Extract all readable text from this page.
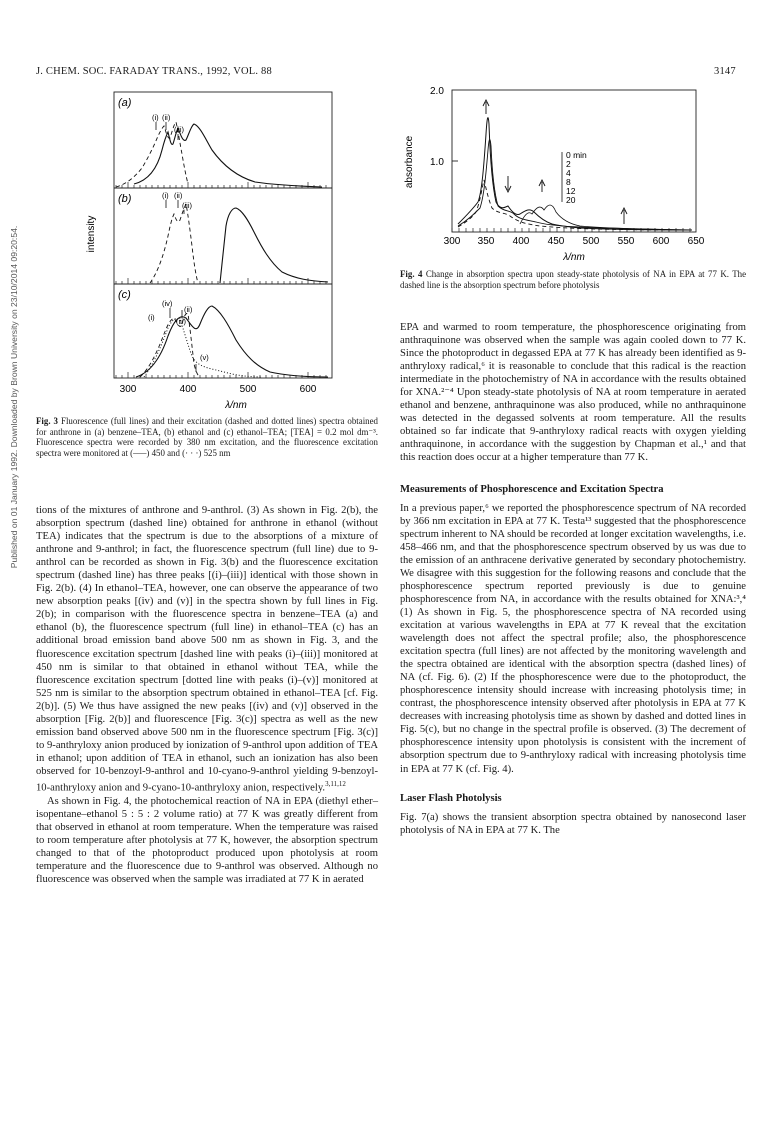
J. CHEM. SOC. FARADAY TRANS., 1992, VOL. 88	3147
Published on 01 January 1992. Downloaded by Brown University on 23/10/2014 09:20:54.
(a)
(b)
(c)
(i) (ii)
(iii)
(i) (ii)
(iii)
(i)
(iv)
(ii)
(iii)
(v)
intensity
300	400	500	600
λ/nm
Fig. 3 Fluorescence (full lines) and their excitation (dashed and dotted lines) spectra obtained for anthrone in (a) benzene–TEA, (b) ethanol and (c) ethanol–TEA; [TEA] = 0.2 mol dm⁻³. Fluorescence spectra were recorded by 380 nm excitation, and the fluorescence excitation spectra were monitored at (–––) 450 and (· · ·) 525 nm

tions of the mixtures of anthrone and 9-anthrol. (3) As shown in Fig. 2(b), the absorption spectrum (dashed line) obtained for anthrone in ethanol (without TEA) indicates that the spectrum is due to the absorptions of a mixture of anthrone and 9-anthrol; in fact, the fluorescence spectrum (full line) due to 9-anthrol can be recorded as shown in Fig. 3(b) and the fluorescence excitation spectrum (dashed line) has three peaks [(i)–(iii)] identical with those shown in Fig. 2(b). (4) In ethanol–TEA, however, one can observe the appearance of two new absorption peaks [(iv) and (v)] in the spectra shown by full lines in Fig. 2(b); in comparison with the fluorescence spectra in benzene–TEA (a) and ethanol (b), the fluorescence spectrum (full line) in ethanol–TEA (c) has an additional broad emission band above 500 nm as shown in Fig. 3, and the fluorescence excitation spectrum [dashed line with peaks (i)–(iii)] monitored at 450 nm is similar to that obtained in ethanol without TEA, while the fluorescence excitation spectrum [dotted line with peaks (i)–(v)] monitored at 525 nm is similar to the absorption spectrum obtained in ethanol–TEA [cf. Fig. 2(b)]. (5) We thus have assigned the new peaks [(iv) and (v)] observed in the absorption [Fig. 2(b)] and fluorescence [Fig. 3(c)] spectra as well as the new emission band observed above 500 nm in the fluorescence spectrum [Fig. 3(c)] to 9-anthryloxy anion produced by ionization of 9-anthrol upon addition of TEA in ethanol; upon addition of TEA in ethanol, such an ionization has also been observed for 10-benzoyl-9-anthrol and 10-cyano-9-anthrol yielding 9-benzoyl-10-anthryloxy anion and 9-cyano-10-anthryloxy anion, respectively.$^{3,11,12}$

As shown in Fig. 4, the photochemical reaction of NA in EPA (diethyl ether–isopentane–ethanol 5 : 5 : 2 volume ratio) at 77 K was greatly different from that observed in ethanol at room temperature. When the temperature was raised to room temperature after photolysis at 77 K, however, the absorption spectrum changed to that of the photoproduct produced upon photolysis at room temperature and the fluorescence due to 9-anthrol was observed. Although no fluorescence was observed when the sample was irradiated at 77 K in aerated

2.0
1.0
absorbance	0 min
2
4
8
12
20
300 350 400 450 500 550 600 650
λ/nm
Fig. 4 Change in absorption spectra upon steady-state photolysis of NA in EPA at 77 K. The dashed line is the absorption spectrum before photolysis

EPA and warmed to room temperature, the phosphorescence originating from anthraquinone was observed when the sample was again cooled down to 77 K. Since the photoproduct in degassed EPA at 77 K has already been identified as 9-anthryloxy radical,⁶ it is reasonable to conclude that this radical is the reaction intermediate in the photochemistry of NA in accordance with the results obtained for XNA.²⁻⁴ Upon steady-state photolysis of NA at room temperature in aerated ethanol and benzene, anthraquinone was also produced, while no anthraquinone was detected in the degassed solvents at room temperature. All the results obtained so far indicate that 9-anthryloxy radical reacts with oxygen yielding anthraquinone, in accordance with the suggestion by Chapman et al.,¹ and that this reaction does occur at a higher temperature than 77 K.

Measurements of Phosphorescence and Excitation Spectra

In a previous paper,⁶ we reported the phosphorescence spectrum of NA recorded by 366 nm excitation in EPA at 77 K. Testa¹³ suggested that the phosphorescence spectrum inherent to NA should be recorded at longer excitation wavelengths, i.e. 458–466 nm, and that the phosphorescence spectrum observed by us was due to the emission of an anthracene derivative generated by secondary photochemistry. We disagree with this suggestion for the following reasons and conclude that the phosphorescence spectrum reported previously is due to genuine phosphorescence from NA, in accordance with the results obtained for XNA:³,⁴ (1) As shown in Fig. 5, the phosphorescence spectra of NA recorded using excitation at various wavelengths in EPA at 77 K reveal that the excitation wavelength does not affect the spectral profile; also, the phosphorescence excitation spectra (full lines) are not affected by the monitoring wavelength and the spectra obtained are identical with the absorption spectra (dashed lines) of NA (cf. Fig. 6). (2) If the phosphorescence were due to the photoproduct, the phosphorescence intensity should increase with increasing photolysis time; in contrast, the phosphorescence intensity observed after photolysis in EPA at 77 K decreases with increasing photolysis time as shown by dashed and dotted lines in Fig. 5(c), but no change in the spectral profile is observed. (3) The decrement of phosphorescence intensity upon photolysis is consistent with the increment of absorption spectrum due to 9-anthryloxy radical with increasing photolysis time in EPA at 77 K (cf. Fig. 4).

Laser Flash Photolysis

Fig. 7(a) shows the transient absorption spectra obtained by nanosecond laser photolysis of NA in EPA at 77 K. The
